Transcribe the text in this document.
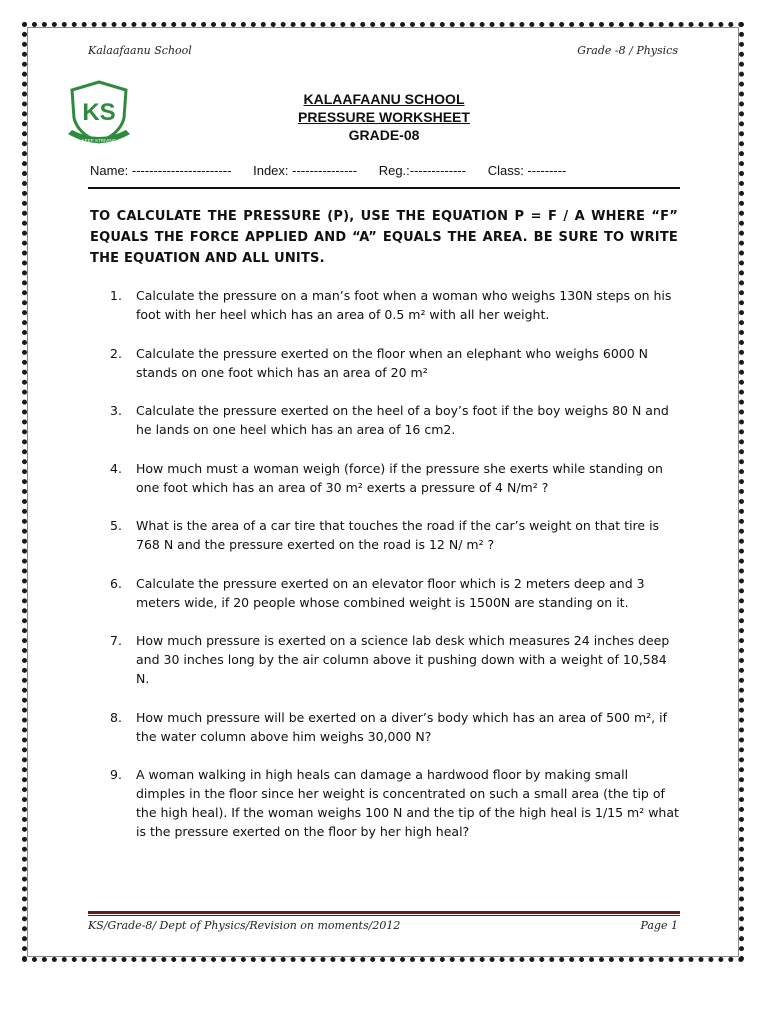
Kalaafaanu School	Grade -8 / Physics
KS
KEEP STRIVING
KALAAFAANU SCHOOL
PRESSURE WORKSHEET
GRADE-08
Name: ----------------------- Index: --------------- Reg.:------------- Class: ---------
TO CALCULATE THE PRESSURE (P), USE THE EQUATION P = F / A WHERE “F” EQUALS THE FORCE APPLIED AND “A” EQUALS THE AREA. BE SURE TO WRITE THE EQUATION AND ALL UNITS.
1. Calculate the pressure on a man’s foot when a woman who weighs 130N steps on his foot with her heel which has an area of 0.5 m² with all her weight.
2. Calculate the pressure exerted on the floor when an elephant who weighs 6000 N stands on one foot which has an area of 20 m²
3. Calculate the pressure exerted on the heel of a boy’s foot if the boy weighs 80 N and he lands on one heel which has an area of 16 cm2.
4. How much must a woman weigh (force) if the pressure she exerts while standing on one foot which has an area of 30 m² exerts a pressure of 4 N/m² ?
5. What is the area of a car tire that touches the road if the car’s weight on that tire is 768 N and the pressure exerted on the road is 12 N/ m² ?
6. Calculate the pressure exerted on an elevator floor which is 2 meters deep and 3 meters wide, if 20 people whose combined weight is 1500N are standing on it.
7. How much pressure is exerted on a science lab desk which measures 24 inches deep and 30 inches long by the air column above it pushing down with a weight of 10,584 N.
8. How much pressure will be exerted on a diver’s body which has an area of 500 m², if the water column above him weighs 30,000 N?
9. A woman walking in high heals can damage a hardwood floor by making small dimples in the floor since her weight is concentrated on such a small area (the tip of the high heal). If the woman weighs 100 N and the tip of the high heal is 1/15 m² what is the pressure exerted on the floor by her high heal?
KS/Grade-8/ Dept of Physics/Revision on moments/2012	Page 1
